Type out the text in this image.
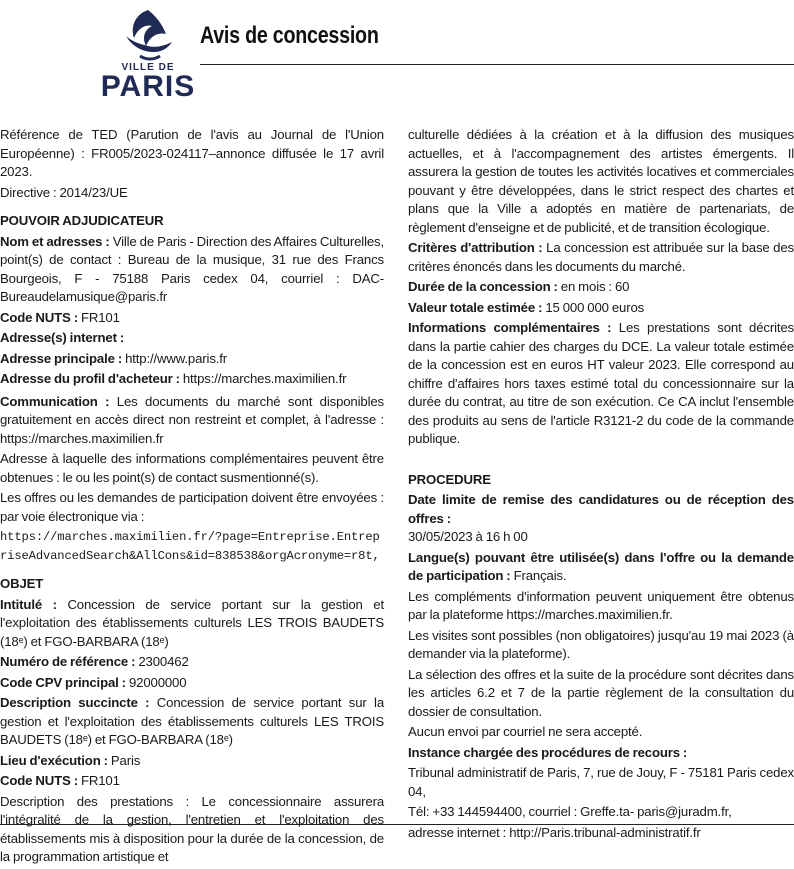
VILLE DE
PARIS
Avis de concession

Référence de TED (Parution de l'avis au Journal de l'Union Européenne) : FR005/2023-024117–annonce diffusée le 17 avril 2023.

Directive : 2014/23/UE

POUVOIR ADJUDICATEUR

Nom et adresses : Ville de Paris - Direction des Affaires Culturelles, point(s) de contact : Bureau de la musique, 31 rue des Francs Bourgeois, F - 75188 Paris cedex 04, courriel : DAC-Bureaudelamusique@paris.fr

Code NUTS : FR101

Adresse(s) internet :

Adresse principale : http://www.paris.fr

Adresse du profil d'acheteur : https://marches.maximilien.fr

Communication : Les documents du marché sont disponibles gratuitement en accès direct non restreint et complet, à l'adresse : https://marches.maximilien.fr

Adresse à laquelle des informations complémentaires peuvent être obtenues : le ou les point(s) de contact susmentionné(s).

Les offres ou les demandes de participation doivent être envoyées : par voie électronique via :

https://marches.maximilien.fr/?page=Entreprise.EntrepriseAdvancedSearch&AllCons&id=838538&orgAcronyme=r8t,

OBJET

Intitulé : Concession de service portant sur la gestion et l'exploitation des établissements culturels LES TROIS BAUDETS (18ᵉ) et FGO-BARBARA (18ᵉ)

Numéro de référence : 2300462

Code CPV principal : 92000000

Description succincte : Concession de service portant sur la gestion et l'exploitation des établissements culturels LES TROIS BAUDETS (18ᵉ) et FGO-BARBARA (18ᵉ)

Lieu d'exécution : Paris

Code NUTS : FR101

Description des prestations : Le concessionnaire assurera l'intégralité de la gestion, l'entretien et l'exploitation des établissements mis à disposition pour la durée de la concession, de la programmation artistique et

culturelle dédiées à la création et à la diffusion des musiques actuelles, et à l'accompagnement des artistes émergents. Il assurera la gestion de toutes les activités locatives et commerciales pouvant y être développées, dans le strict respect des chartes et plans que la Ville a adoptés en matière de partenariats, de règlement d'enseigne et de publicité, et de transition écologique.

Critères d'attribution : La concession est attribuée sur la base des critères énoncés dans les documents du marché.

Durée de la concession : en mois : 60

Valeur totale estimée : 15 000 000 euros

Informations complémentaires : Les prestations sont décrites dans la partie cahier des charges du DCE. La valeur totale estimée de la concession est en euros HT valeur 2023. Elle correspond au chiffre d'affaires hors taxes estimé total du concessionnaire sur la durée du contrat, au titre de son exécution. Ce CA inclut l'ensemble des produits au sens de l'article R3121-2 du code de la commande publique.

PROCEDURE

Date limite de remise des candidatures ou de réception des offres :
30/05/2023 à 16 h 00

Langue(s) pouvant être utilisée(s) dans l'offre ou la demande de participation : Français.

Les compléments d'information peuvent uniquement être obtenus par la plateforme https://marches.maximilien.fr.

Les visites sont possibles (non obligatoires) jusqu'au 19 mai 2023 (à demander via la plateforme).

La sélection des offres et la suite de la procédure sont décrites dans les articles 6.2 et 7 de la partie règlement de la consultation du dossier de consultation.

Aucun envoi par courriel ne sera accepté.

Instance chargée des procédures de recours :

Tribunal administratif de Paris, 7, rue de Jouy, F - 75181 Paris cedex 04,

Tél: +33 144594400, courriel : Greffe.ta- paris@juradm.fr,

adresse internet : http://Paris.tribunal-administratif.fr
